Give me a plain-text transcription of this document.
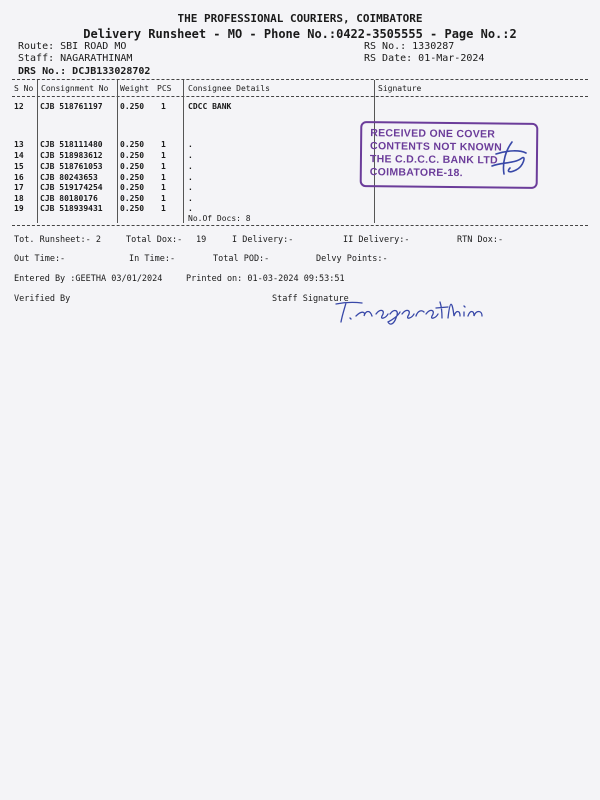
THE PROFESSIONAL COURIERS, COIMBATORE
Delivery Runsheet - MO - Phone No.:0422-3505555 - Page No.:2
Route: SBI ROAD MO
Staff: NAGARATHINAM
DRS No.: DCJB133028702
RS No.: 1330287
RS Date: 01-Mar-2024
S No Consignment No Weight PCS Consignee Details	Signature
12 CJB 518761197 0.250 1	CDCC BANK
13 CJB 518111480 0.250 1	.
14 CJB 518983612 0.250 1	.
15 CJB 518761053 0.250 1	.
16 CJB 80243653	0.250 1	.
17 CJB 519174254 0.250 1	.
18 CJB 80180176	0.250 1	.
19 CJB 518939431 0.250 1	.
No.Of Docs: 8
RECEIVED ONE COVER
CONTENTS NOT KNOWN
THE C.D.C.C. BANK LTD
COIMBATORE-18.
Tot. Runsheet:- 2	Total Dox:- 19	I Delivery:-	II Delivery:-	RTN Dox:-
Out Time:-	In Time:-	Total POD:-	Delvy Points:-
Entered By :GEETHA 03/01/2024	Printed on: 01-03-2024 09:53:51
Verified By	Staff Signature
